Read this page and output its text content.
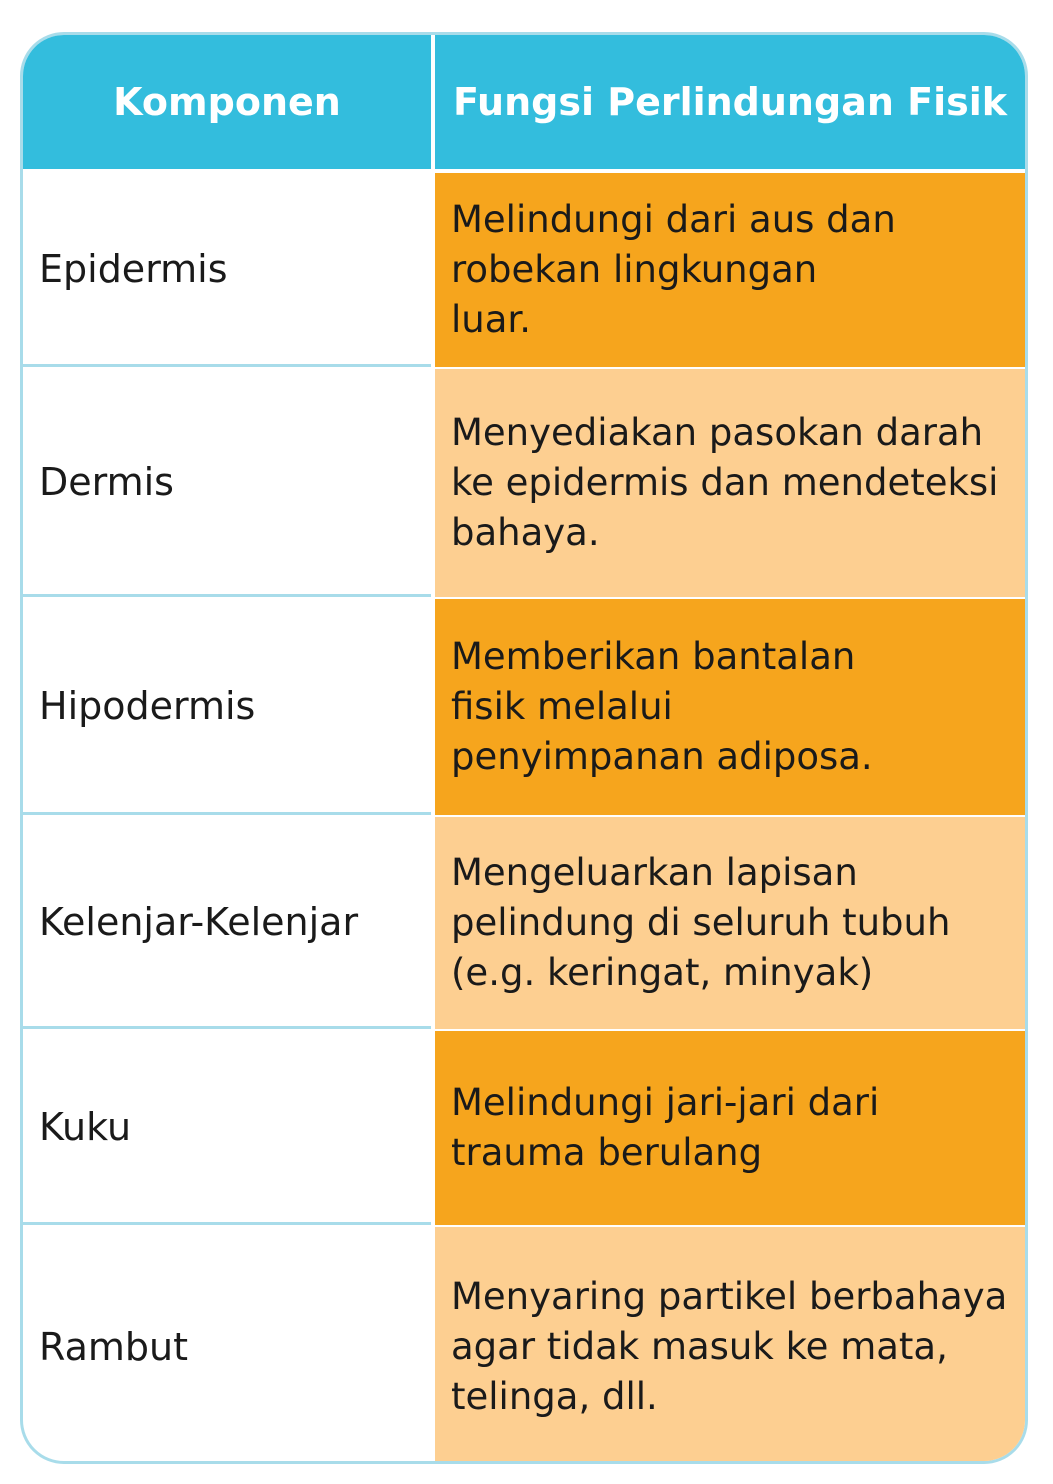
Komponen	Fungsi Perlindungan Fisik
Epidermis
Melindungi dari aus dan robekan lingkungan luar.
Dermis
Menyediakan pasokan darah ke epidermis dan mendeteksi bahaya.
Hipodermis
Memberikan bantalan fisik melalui penyimpanan adiposa.
Kelenjar-Kelenjar
Mengeluarkan lapisan pelindung di seluruh tubuh (e.g. keringat, minyak)
Kuku
Melindungi jari-jari dari trauma berulang
Rambut
Menyaring partikel berbahaya agar tidak masuk ke mata, telinga, dll.
